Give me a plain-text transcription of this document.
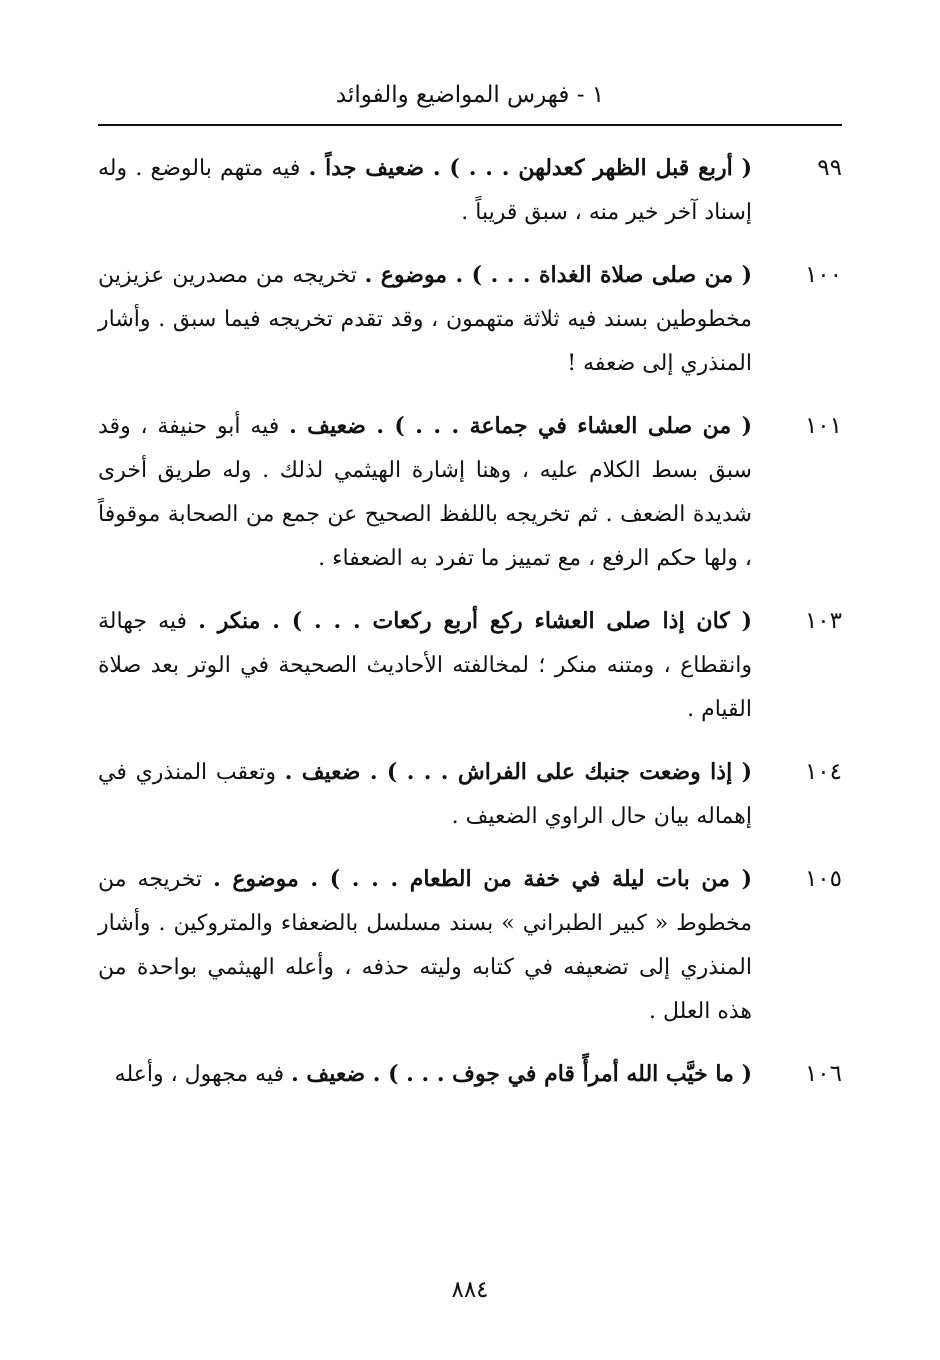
١ - فهرس المواضيع والفوائد
٩٩
( أربع قبل الظهر كعدلهن . . . ) . ضعيف جداً . فيه متهم بالوضع . وله إسناد آخر خير منه ، سبق قريباً .
١٠٠
( من صلى صلاة الغداة . . . ) . موضوع . تخريجه من مصدرين عزيزين مخطوطين بسند فيه ثلاثة متهمون ، وقد تقدم تخريجه فيما سبق . وأشار المنذري إلى ضعفه !
١٠١
( من صلى العشاء في جماعة . . . ) . ضعيف . فيه أبو حنيفة ، وقد سبق بسط الكلام عليه ، وهنا إشارة الهيثمي لذلك . وله طريق أخرى شديدة الضعف . ثم تخريجه باللفظ الصحيح عن جمع من الصحابة موقوفاً ، ولها حكم الرفع ، مع تمييز ما تفرد به الضعفاء .
١٠٣
( كان إذا صلى العشاء ركع أربع ركعات . . . ) . منكر . فيه جهالة وانقطاع ، ومتنه منكر ؛ لمخالفته الأحاديث الصحيحة في الوتر بعد صلاة القيام .
١٠٤
( إذا وضعت جنبك على الفراش . . . ) . ضعيف . وتعقب المنذري في إهماله بيان حال الراوي الضعيف .
١٠٥
( من بات ليلة في خفة من الطعام . . . ) . موضوع . تخريجه من مخطوط « كبير الطبراني » بسند مسلسل بالضعفاء والمتروكين . وأشار المنذري إلى تضعيفه في كتابه وليته حذفه ، وأعله الهيثمي بواحدة من هذه العلل .
١٠٦
( ما خيَّب الله أمرأً قام في جوف . . . ) . ضعيف . فيه مجهول ، وأعله
٨٨٤
